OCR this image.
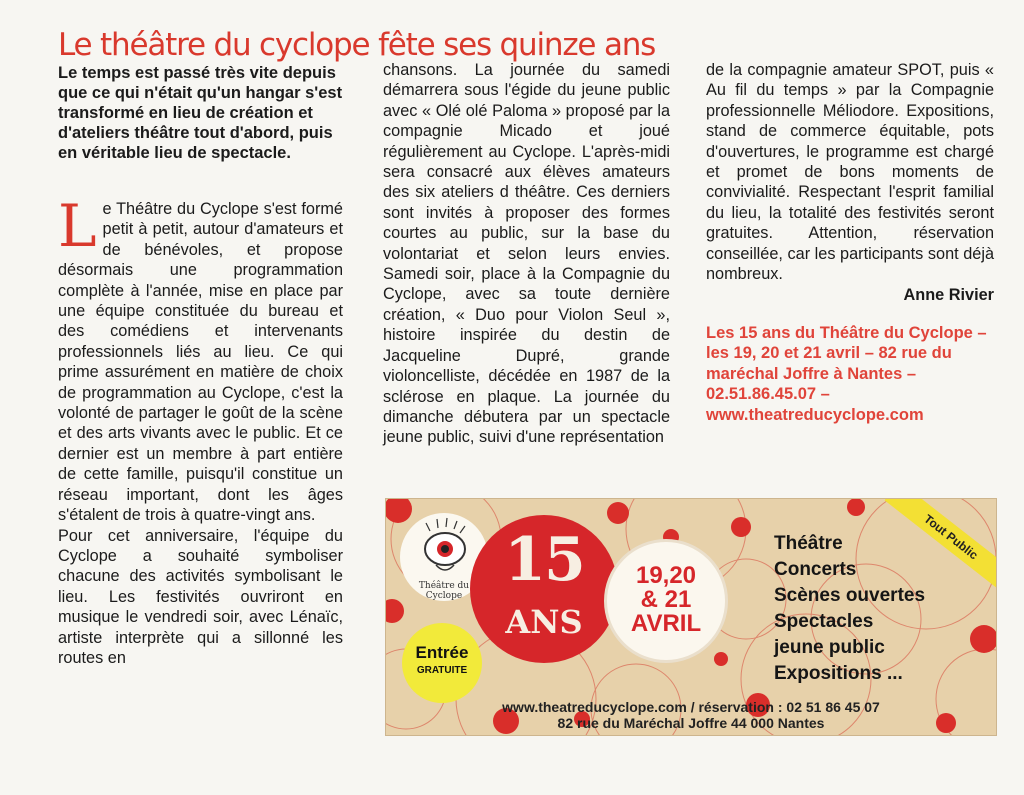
Le théâtre du cyclope fête ses quinze ans

Le temps est passé très vite depuis que ce qui n'était qu'un hangar s'est transformé en lieu de création et d'ateliers théâtre tout d'abord, puis en véritable lieu de spectacle.

Le Théâtre du Cyclope s'est formé petit à petit, autour d'amateurs et de bénévoles, et propose désormais une programmation complète à l'année, mise en place par une équipe constituée du bureau et des comédiens et intervenants professionnels liés au lieu. Ce qui prime assurément en matière de choix de programmation au Cyclope, c'est la volonté de partager le goût de la scène et des arts vivants avec le public. Et ce dernier est un membre à part entière de cette famille, puisqu'il constitue un réseau important, dont les âges s'étalent de trois à quatre-vingt ans.

Pour cet anniversaire, l'équipe du Cyclope a souhaité symboliser chacune des activités symbolisant le lieu. Les festivités ouvriront en musique le vendredi soir, avec Lénaïc, artiste interprète qui a sillonné les routes en

chansons. La journée du samedi démarrera sous l'égide du jeune public avec « Olé olé Paloma » proposé par la compagnie Micado et joué régulièrement au Cyclope. L'après-midi sera consacré aux élèves amateurs des six ateliers d théâtre. Ces derniers sont invités à proposer des formes courtes au public, sur la base du volontariat et selon leurs envies. Samedi soir, place à la Compagnie du Cyclope, avec sa toute dernière création, « Duo pour Violon Seul », histoire inspirée du destin de Jacqueline Dupré, grande violoncelliste, décédée en 1987 de la sclérose en plaque. La journée du dimanche débutera par un spectacle jeune public, suivi d'une représentation

de la compagnie amateur SPOT, puis « Au fil du temps » par la Compagnie professionnelle Méliodore. Expositions, stand de commerce équitable, pots d'ouvertures, le programme est chargé et promet de bons moments de convivialité. Respectant l'esprit familial du lieu, la totalité des festivités seront gratuites. Attention, réservation conseillée, car les participants sont déjà nombreux.

Anne Rivier

Les 15 ans du Théâtre du Cyclope – les 19, 20 et 21 avril – 82 rue du maréchal Joffre à Nantes – 02.51.86.45.07 – www.theatreducyclope.com

Théâtre du Cyclope
15
ANS
19,20
& 21
AVRIL
Entrée
GRATUITE
Théâtre
Concerts
Scènes ouvertes
Spectacles
jeune public
Expositions ...
Tout Public
www.theatreducyclope.com / réservation : 02 51 86 45 07
82 rue du Maréchal Joffre 44 000 Nantes
